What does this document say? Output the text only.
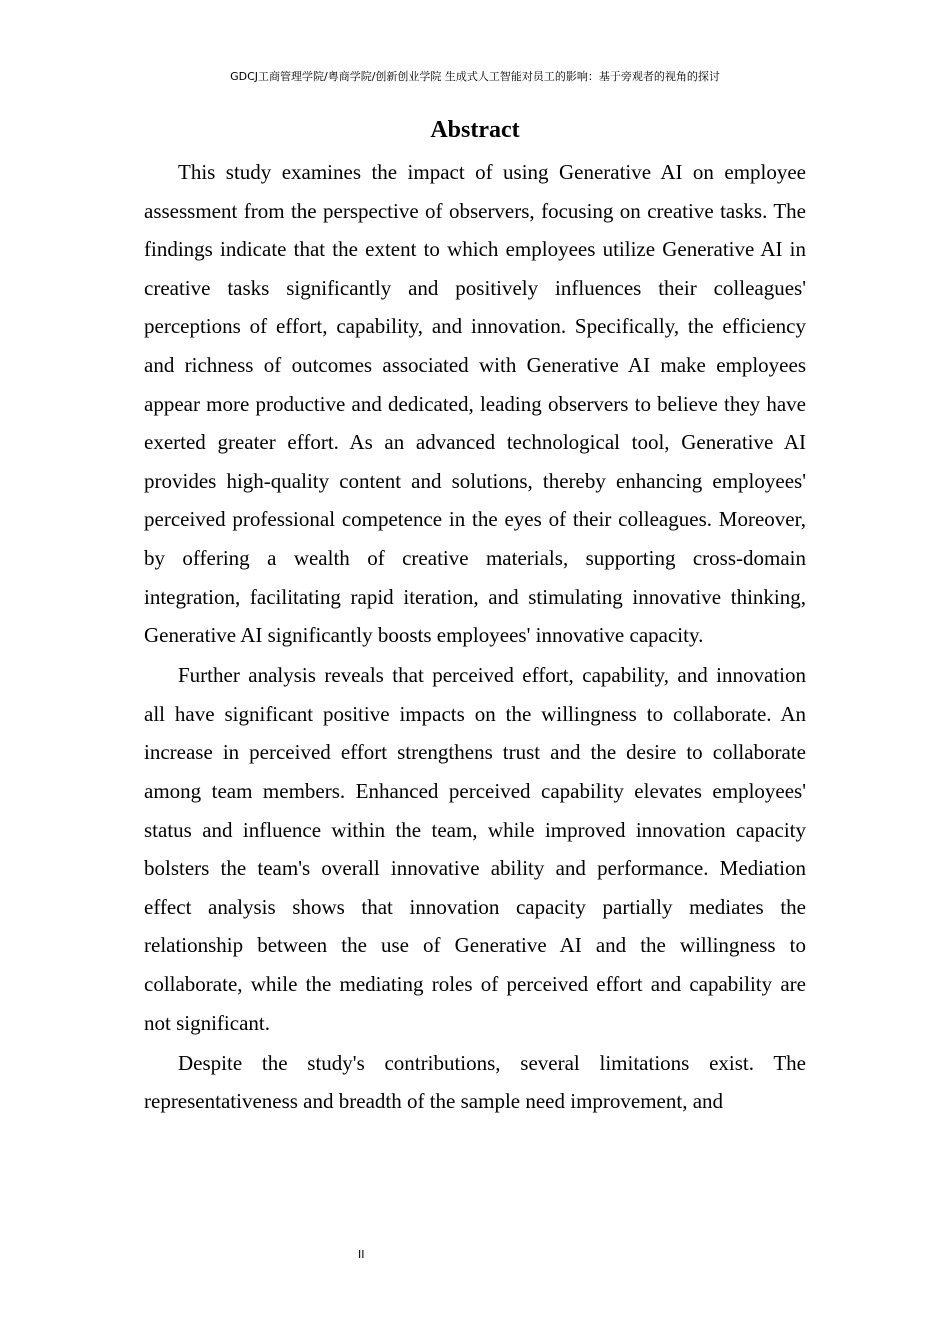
GDCJ工商管理学院/粤商学院/创新创业学院 生成式人工智能对员工的影响：基于旁观者的视角的探讨
Abstract

This study examines the impact of using Generative AI on employee assessment from the perspective of observers, focusing on creative tasks. The findings indicate that the extent to which employees utilize Generative AI in creative tasks significantly and positively influences their colleagues' perceptions of effort, capability, and innovation. Specifically, the efficiency and richness of outcomes associated with Generative AI make employees appear more productive and dedicated, leading observers to believe they have exerted greater effort. As an advanced technological tool, Generative AI provides high-quality content and solutions, thereby enhancing employees' perceived professional competence in the eyes of their colleagues. Moreover, by offering a wealth of creative materials, supporting cross-domain integration, facilitating rapid iteration, and stimulating innovative thinking, Generative AI significantly boosts employees' innovative capacity.

Further analysis reveals that perceived effort, capability, and innovation all have significant positive impacts on the willingness to collaborate. An increase in perceived effort strengthens trust and the desire to collaborate among team members. Enhanced perceived capability elevates employees' status and influence within the team, while improved innovation capacity bolsters the team's overall innovative ability and performance. Mediation effect analysis shows that innovation capacity partially mediates the relationship between the use of Generative AI and the willingness to collaborate, while the mediating roles of perceived effort and capability are not significant.

Despite the study's contributions, several limitations exist. The representativeness and breadth of the sample need improvement, and

II
